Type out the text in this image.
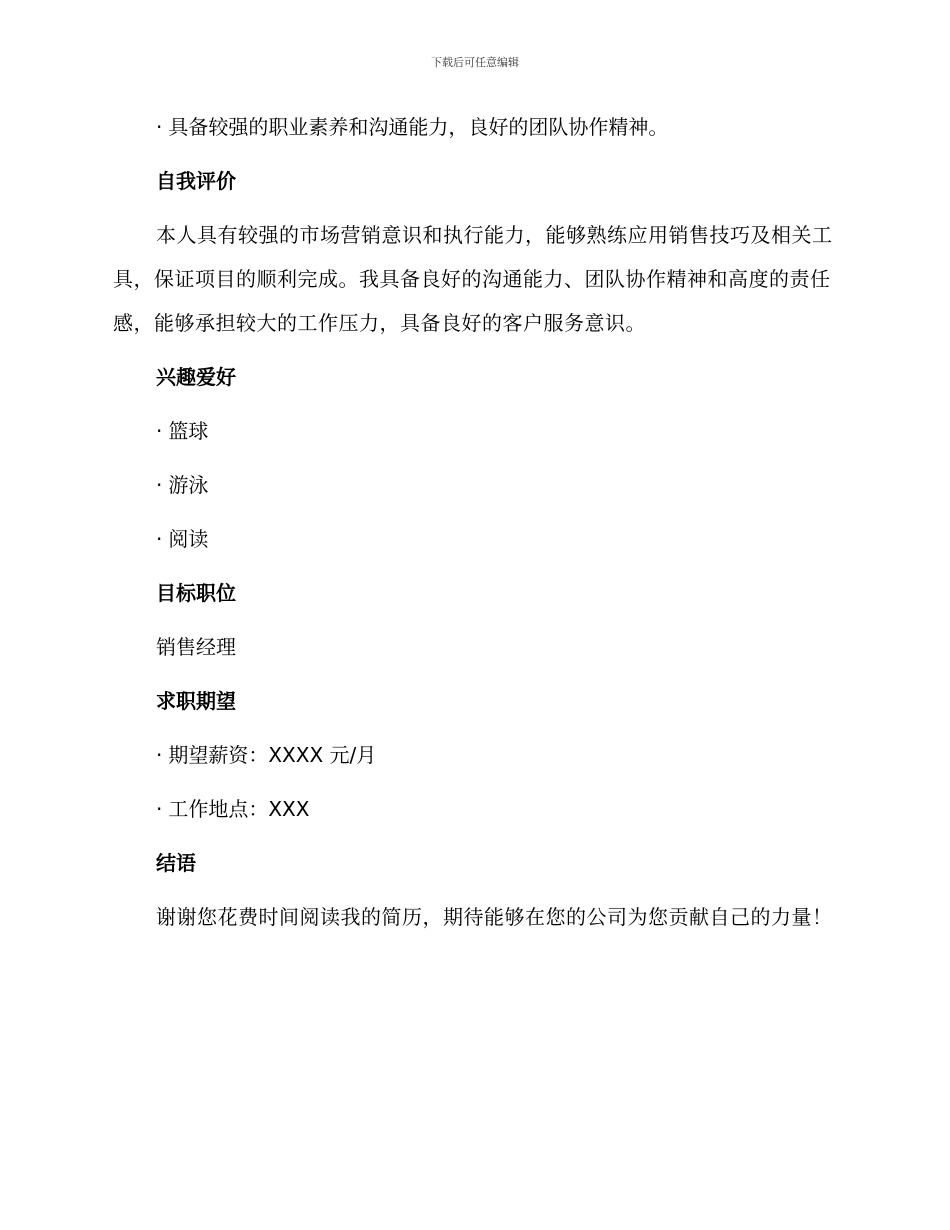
下载后可任意编辑
· 具备较强的职业素养和沟通能力，良好的团队协作精神。
自我评价
本人具有较强的市场营销意识和执行能力，能够熟练应用销售技巧及相关工具，保证项目的顺利完成。我具备良好的沟通能力、团队协作精神和高度的责任感，能够承担较大的工作压力，具备良好的客户服务意识。
兴趣爱好
· 篮球
· 游泳
· 阅读
目标职位
销售经理
求职期望
· 期望薪资：XXXX 元/月
· 工作地点：XXX
结语
谢谢您花费时间阅读我的简历，期待能够在您的公司为您贡献自己的力量！
